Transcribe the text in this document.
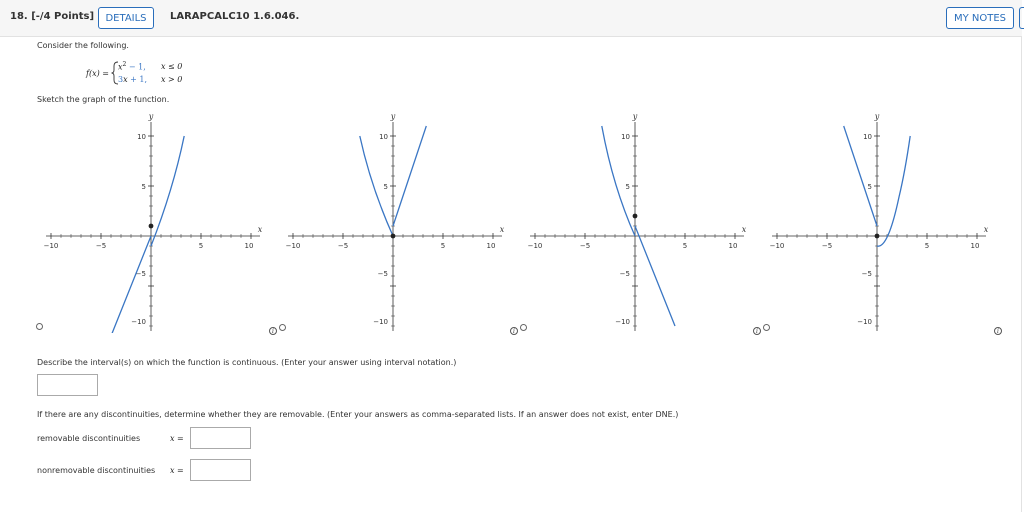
18. [-/4 Points]	DETAILS	LARAPCALC10 1.6.046.	MY NOTES
Consider the following.
f(x) =
$x^2 - 1$, x ≤ 0
3x + 1, x > 0
Sketch the graph of the function.
−10	−5	5	10
10
5
−5
−10
y
x
−10	−5	5	10
10
5
−5
−10
y
x
−10	−5	5	10
10
5
−5
−10
y
x
−10	−5	5	10
10
5
−5
−10
y
x
i	i	i	i
Describe the interval(s) on which the function is continuous. (Enter your answer using interval notation.)
If there are any discontinuities, determine whether they are removable. (Enter your answers as comma-separated lists. If an answer does not exist, enter DNE.)
removable discontinuities	x =
nonremovable discontinuities x =
